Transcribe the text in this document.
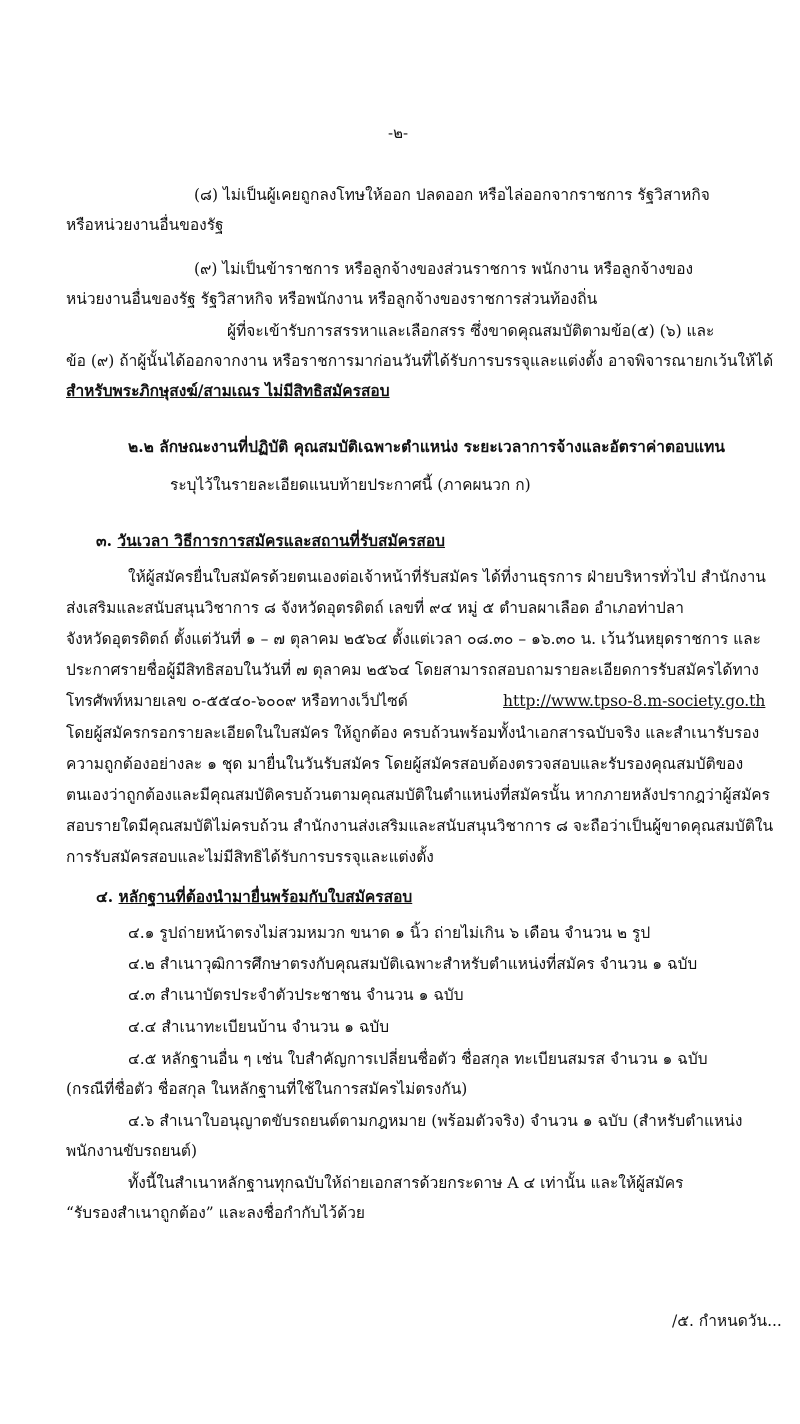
-๒-
(๘) ไม่เป็นผู้เคยถูกลงโทษให้ออก ปลดออก หรือไล่ออกจากราชการ รัฐวิสาหกิจ
หรือหน่วยงานอื่นของรัฐ
(๙) ไม่เป็นข้าราชการ หรือลูกจ้างของส่วนราชการ พนักงาน หรือลูกจ้างของ
หน่วยงานอื่นของรัฐ รัฐวิสาหกิจ หรือพนักงาน หรือลูกจ้างของราชการส่วนท้องถิ่น
ผู้ที่จะเข้ารับการสรรหาและเลือกสรร ซึ่งขาดคุณสมบัติตามข้อ(๕) (๖) และ
ข้อ (๙) ถ้าผู้นั้นได้ออกจากงาน หรือราชการมาก่อนวันที่ได้รับการบรรจุและแต่งตั้ง อาจพิจารณายกเว้นให้ได้
สำหรับพระภิกษุสงฆ์/สามเณร ไม่มีสิทธิสมัครสอบ
๒.๒ ลักษณะงานที่ปฏิบัติ คุณสมบัติเฉพาะตำแหน่ง ระยะเวลาการจ้างและอัตราค่าตอบแทน
ระบุไว้ในรายละเอียดแนบท้ายประกาศนี้ (ภาคผนวก ก)
๓. วันเวลา วิธีการการสมัครและสถานที่รับสมัครสอบ
ให้ผู้สมัครยื่นใบสมัครด้วยตนเองต่อเจ้าหน้าที่รับสมัคร ได้ที่งานธุรการ ฝ่ายบริหารทั่วไป สำนักงาน
ส่งเสริมและสนับสนุนวิชาการ ๘ จังหวัดอุตรดิตถ์ เลขที่ ๙๔ หมู่ ๕ ตำบลผาเลือด อำเภอท่าปลา
จังหวัดอุตรดิตถ์ ตั้งแต่วันที่ ๑ – ๗ ตุลาคม ๒๕๖๔ ตั้งแต่เวลา ๐๘.๓๐ – ๑๖.๓๐ น. เว้นวันหยุดราชการ และ
ประกาศรายชื่อผู้มีสิทธิสอบในวันที่ ๗ ตุลาคม ๒๕๖๔ โดยสามารถสอบถามรายละเอียดการรับสมัครได้ทาง
โทรศัพท์หมายเลข ๐-๕๕๔๐-๖๐๐๙ หรือทางเว็ปไซด์	http://www.tpso-8.m-society.go.th
โดยผู้สมัครกรอกรายละเอียดในใบสมัคร ให้ถูกต้อง ครบถ้วนพร้อมทั้งนำเอกสารฉบับจริง และสำเนารับรอง
ความถูกต้องอย่างละ ๑ ชุด มายื่นในวันรับสมัคร โดยผู้สมัครสอบต้องตรวจสอบและรับรองคุณสมบัติของ
ตนเองว่าถูกต้องและมีคุณสมบัติครบถ้วนตามคุณสมบัติในตำแหน่งที่สมัครนั้น หากภายหลังปรากฎว่าผู้สมัคร
สอบรายใดมีคุณสมบัติไม่ครบถ้วน สำนักงานส่งเสริมและสนับสนุนวิชาการ ๘ จะถือว่าเป็นผู้ขาดคุณสมบัติใน
การรับสมัครสอบและไม่มีสิทธิได้รับการบรรจุและแต่งตั้ง
๔. หลักฐานที่ต้องนำมายื่นพร้อมกับใบสมัครสอบ
๔.๑ รูปถ่ายหน้าตรงไม่สวมหมวก ขนาด ๑ นิ้ว ถ่ายไม่เกิน ๖ เดือน จำนวน ๒ รูป
๔.๒ สำเนาวุฒิการศึกษาตรงกับคุณสมบัติเฉพาะสำหรับตำแหน่งที่สมัคร จำนวน ๑ ฉบับ
๔.๓ สำเนาบัตรประจำตัวประชาชน จำนวน ๑ ฉบับ
๔.๔ สำเนาทะเบียนบ้าน จำนวน ๑ ฉบับ
๔.๕ หลักฐานอื่น ๆ เช่น ใบสำคัญการเปลี่ยนชื่อตัว ชื่อสกุล ทะเบียนสมรส จำนวน ๑ ฉบับ
(กรณีที่ชื่อตัว ชื่อสกุล ในหลักฐานที่ใช้ในการสมัครไม่ตรงกัน)
๔.๖ สำเนาใบอนุญาตขับรถยนต์ตามกฎหมาย (พร้อมตัวจริง) จำนวน ๑ ฉบับ (สำหรับตำแหน่ง
พนักงานขับรถยนต์)
ทั้งนี้ในสำเนาหลักฐานทุกฉบับให้ถ่ายเอกสารด้วยกระดาษ A ๔ เท่านั้น และให้ผู้สมัคร
“รับรองสำเนาถูกต้อง” และลงชื่อกำกับไว้ด้วย
/๕. กำหนดวัน...
